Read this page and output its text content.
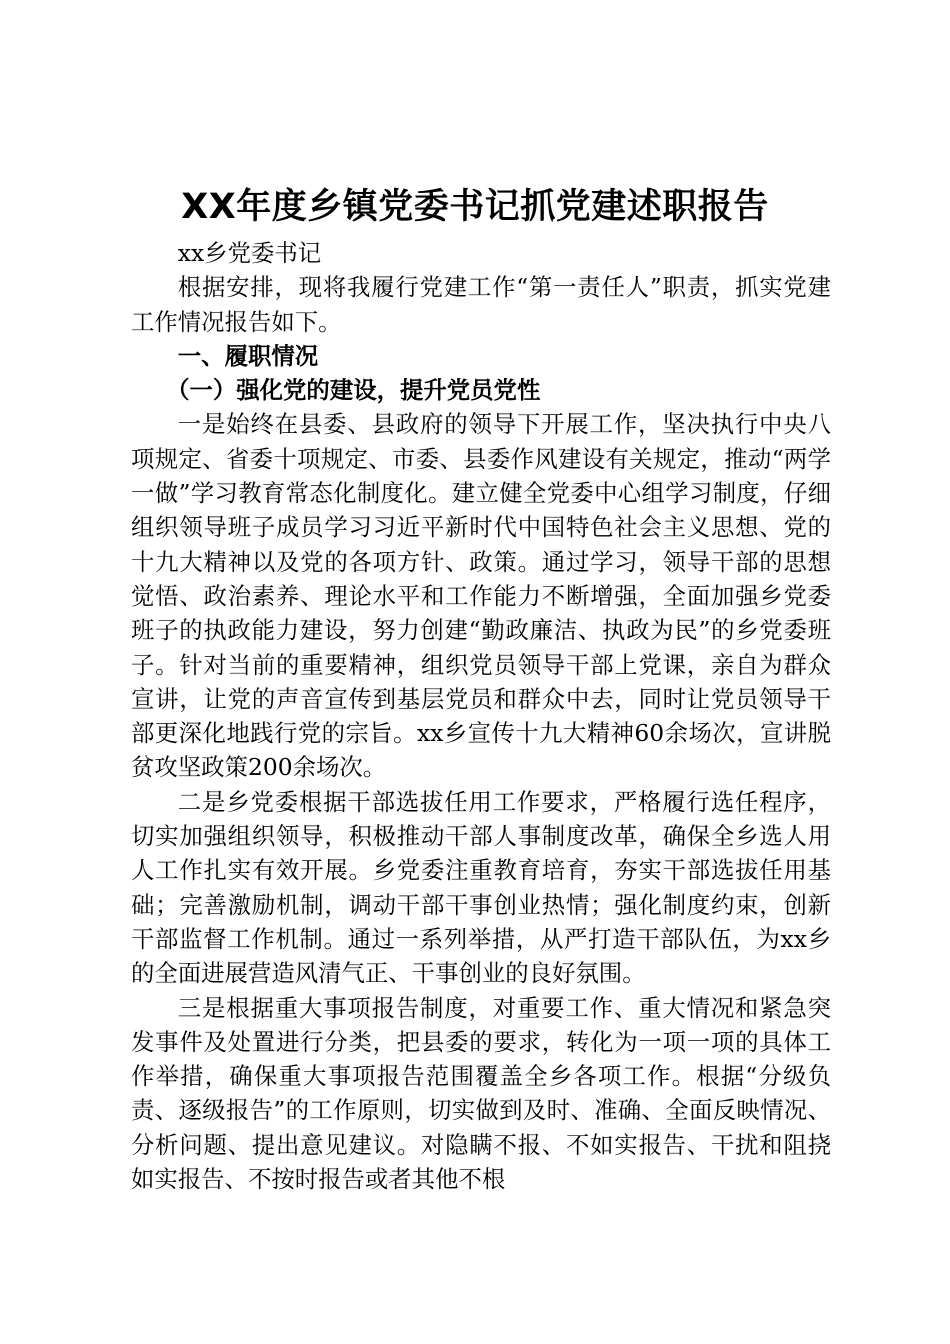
XX年度乡镇党委书记抓党建述职报告

xx乡党委书记

根据安排，现将我履行党建工作“第一责任人”职责，抓实党建工作情况报告如下。

一、履职情况

（一）强化党的建设，提升党员党性

一是始终在县委、县政府的领导下开展工作，坚决执行中央八项规定、省委十项规定、市委、县委作风建设有关规定，推动“两学一做”学习教育常态化制度化。建立健全党委中心组学习制度，仔细组织领导班子成员学习习近平新时代中国特色社会主义思想、党的十九大精神以及党的各项方针、政策。通过学习，领导干部的思想觉悟、政治素养、理论水平和工作能力不断增强，全面加强乡党委班子的执政能力建设，努力创建“勤政廉洁、执政为民”的乡党委班子。针对当前的重要精神，组织党员领导干部上党课，亲自为群众宣讲，让党的声音宣传到基层党员和群众中去，同时让党员领导干部更深化地践行党的宗旨。xx乡宣传十九大精神60余场次，宣讲脱贫攻坚政策200余场次。

二是乡党委根据干部选拔任用工作要求，严格履行选任程序，切实加强组织领导，积极推动干部人事制度改革，确保全乡选人用人工作扎实有效开展。乡党委注重教育培育，夯实干部选拔任用基础；完善激励机制，调动干部干事创业热情；强化制度约束，创新干部监督工作机制。通过一系列举措，从严打造干部队伍，为xx乡的全面进展营造风清气正、干事创业的良好氛围。

三是根据重大事项报告制度，对重要工作、重大情况和紧急突发事件及处置进行分类，把县委的要求，转化为一项一项的具体工作举措，确保重大事项报告范围覆盖全乡各项工作。根据“分级负责、逐级报告”的工作原则，切实做到及时、准确、全面反映情况、分析问题、提出意见建议。对隐瞒不报、不如实报告、干扰和阻挠如实报告、不按时报告或者其他不根
